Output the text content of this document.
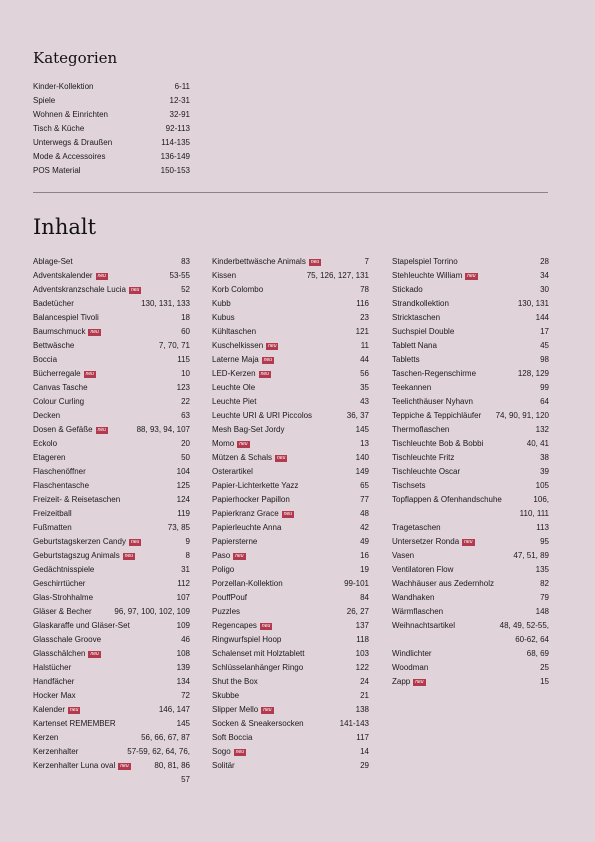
Kategorien
Kinder-Kollektion	6-11
Spiele	12-31
Wohnen & Einrichten	32-91
Tisch & Küche	92-113
Unterwegs & Draußen	114-135
Mode & Accessoires	136-149
POS Material	150-153
Inhalt
Ablage-Set	83
Adventskalender neu	53-55
Adventskranzschale Lucia neu	52
Badetücher	130, 131, 133
Balancespiel Tivoli	18
Baumschmuck neu	60
Bettwäsche	7, 70, 71
Boccia	115
Bücherregale neu	10
Canvas Tasche	123
Colour Curling	22
Decken	63
Dosen & Gefäße neu	88, 93, 94, 107
Eckolo	20
Etageren	50
Flaschenöffner	104
Flaschentasche	125
Freizeit- & Reisetaschen	124
Freizeitball	119
Fußmatten	73, 85
Geburtstagskerzen Candy neu	9
Geburtstagszug Animals neu	8
Gedächtnisspiele	31
Geschirrtücher	112
Glas-Strohhalme	107
Gläser & Becher	96, 97, 100, 102, 109
Glaskaraffe und Gläser-Set	109
Glasschale Groove	46
Glasschälchen neu	108
Halstücher	139
Handfächer	134
Hocker Max	72
Kalender neu	146, 147
Kartenset REMEMBER	145
Kerzen	56, 66, 67, 87
Kerzenhalter	57-59, 62, 64, 76,
Kerzenhalter Luna oval neu	80, 81, 86
57
Kinderbettwäsche Animals neu	7
Kissen	75, 126, 127, 131
Korb Colombo	78
Kubb	116
Kubus	23
Kühltaschen	121
Kuschelkissen neu	11
Laterne Maja neu	44
LED-Kerzen neu	56
Leuchte Ole	35
Leuchte Piet	43
Leuchte URI & URI Piccolos	36, 37
Mesh Bag-Set Jordy	145
Momo neu	13
Mützen & Schals neu	140
Osterartikel	149
Papier-Lichterkette Yazz	65
Papierhocker Papillon	77
Papierkranz Grace neu	48
Papierleuchte Anna	42
Papiersterne	49
Paso neu	16
Poligo	19
Porzellan-Kollektion	99-101
PouffPouf	84
Puzzles	26, 27
Regencapes neu	137
Ringwurfspiel Hoop	118
Schalenset mit Holztablett	103
Schlüsselanhänger Ringo	122
Shut the Box	24
Skubbe	21
Slipper Mello neu	138
Socken & Sneakersocken	141-143
Soft Boccia	117
Sogo neu	14
Solitär	29
Stapelspiel Torrino	28
Stehleuchte William neu	34
Stickado	30
Strandkollektion	130, 131
Stricktaschen	144
Suchspiel Double	17
Tablett Nana	45
Tabletts	98
Taschen-Regenschirme	128, 129
Teekannen	99
Teelichthäuser Nyhavn	64
Teppiche & Teppichläufer 74, 90, 91, 120
Thermoflaschen	132
Tischleuchte Bob & Bobbi	40, 41
Tischleuchte Fritz	38
Tischleuchte Oscar	39
Tischsets	105
Topflappen & Ofenhandschuhe	106,
110, 111
Tragetaschen	113
Untersetzer Ronda neu	95
Vasen	47, 51, 89
Ventilatoren Flow	135
Wachhäuser aus Zedernholz	82
Wandhaken	79
Wärmflaschen	148
Weihnachtsartikel	48, 49, 52-55,
60-62, 64
Windlichter	68, 69
Woodman	25
Zapp neu	15
